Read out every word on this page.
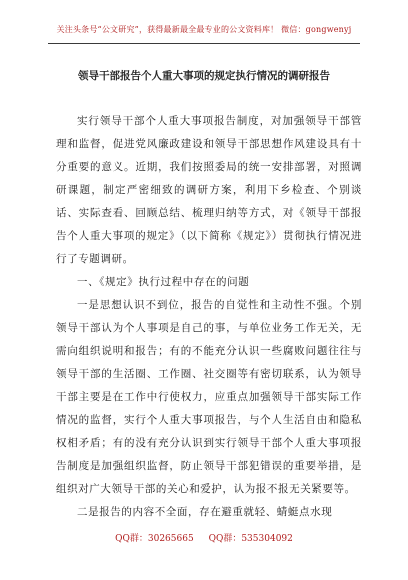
关注头条号“公文研究”，获得最新最全最专业的公文资料库！ 微信：gongwenyj
领导干部报告个人重大事项的规定执行情况的调研报告

实行领导干部个人重大事项报告制度，对加强领导干部管理和监督，促进党风廉政建设和领导干部思想作风建设具有十分重要的意义。近期，我们按照委局的统一安排部署，对照调研课题，制定严密细致的调研方案，利用下乡检查、个别谈话、实际查看、回顾总结、梳理归纳等方式，对《领导干部报告个人重大事项的规定》（以下简称《规定》）贯彻执行情况进行了专题调研。

一、《规定》执行过程中存在的问题

一是思想认识不到位，报告的自觉性和主动性不强。个别领导干部认为个人事项是自己的事，与单位业务工作无关，无需向组织说明和报告；有的不能充分认识一些腐败问题往往与领导干部的生活圈、工作圈、社交圈等有密切联系，认为领导干部主要是在工作中行使权力，应重点加强领导干部实际工作情况的监督，实行个人重大事项报告，与个人生活自由和隐私权相矛盾；有的没有充分认识到实行领导干部个人重大事项报告制度是加强组织监督，防止领导干部犯错误的重要举措，是组织对广大领导干部的关心和爱护，认为报不报无关紧要等。

二是报告的内容不全面，存在避重就轻、蜻蜓点水现

QQ群：30265665 QQ群：535304092
